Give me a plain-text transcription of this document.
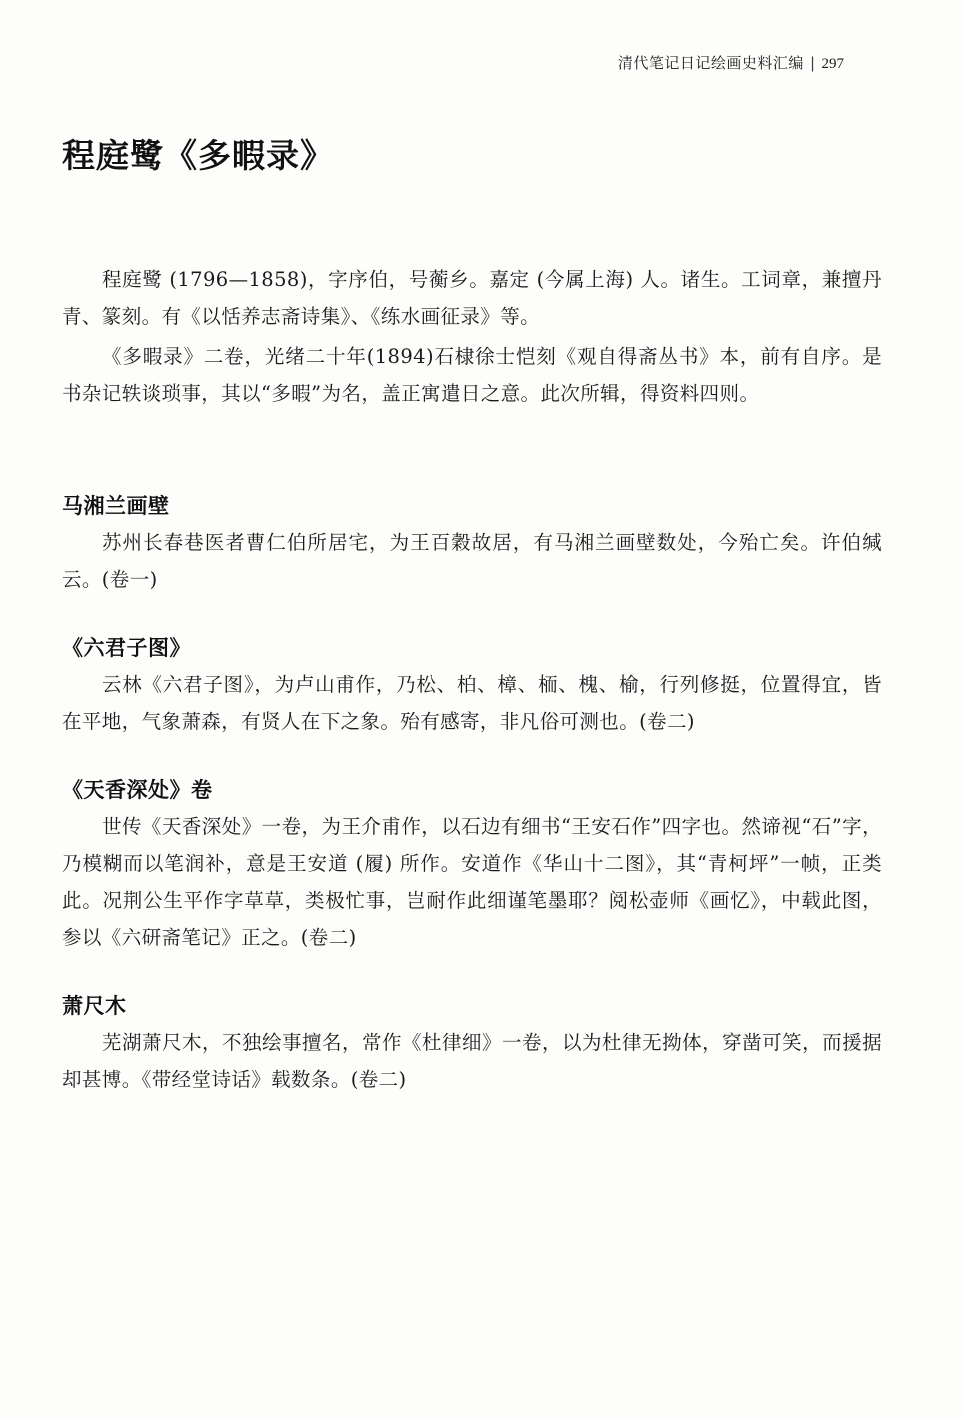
清代笔记日记绘画史料汇编 | 297
程庭鹭《多暇录》

程庭鹭 (1796—1858)，字序伯，号蘅乡。嘉定 (今属上海) 人。诸生。工词章，兼擅丹青、篆刻。有《以恬养志斋诗集》、《练水画征录》等。

《多暇录》二卷，光绪二十年(1894)石棣徐士恺刻《观自得斋丛书》本，前有自序。是书杂记轶谈琐事，其以“多暇”为名，盖正寓遣日之意。此次所辑，得资料四则。

马湘兰画壁

苏州长春巷医者曹仁伯所居宅，为王百穀故居，有马湘兰画壁数处，今殆亡矣。许伯缄云。(卷一)

《六君子图》

云林《六君子图》，为卢山甫作，乃松、柏、樟、栭、槐、榆，行列修挺，位置得宜，皆在平地，气象萧森，有贤人在下之象。殆有感寄，非凡俗可测也。(卷二)

《天香深处》卷

世传《天香深处》一卷，为王介甫作，以石边有细书“王安石作”四字也。然谛视“石”字，乃模糊而以笔润补，意是王安道 (履) 所作。安道作《华山十二图》，其“青柯坪”一帧，正类此。况荆公生平作字草草，类极忙事，岂耐作此细谨笔墨耶？阅松壶师《画忆》，中载此图，参以《六研斋笔记》正之。(卷二)

萧尺木

芜湖萧尺木，不独绘事擅名，常作《杜律细》一卷，以为杜律无拗体，穿凿可笑，而援据却甚博。《带经堂诗话》载数条。(卷二)
